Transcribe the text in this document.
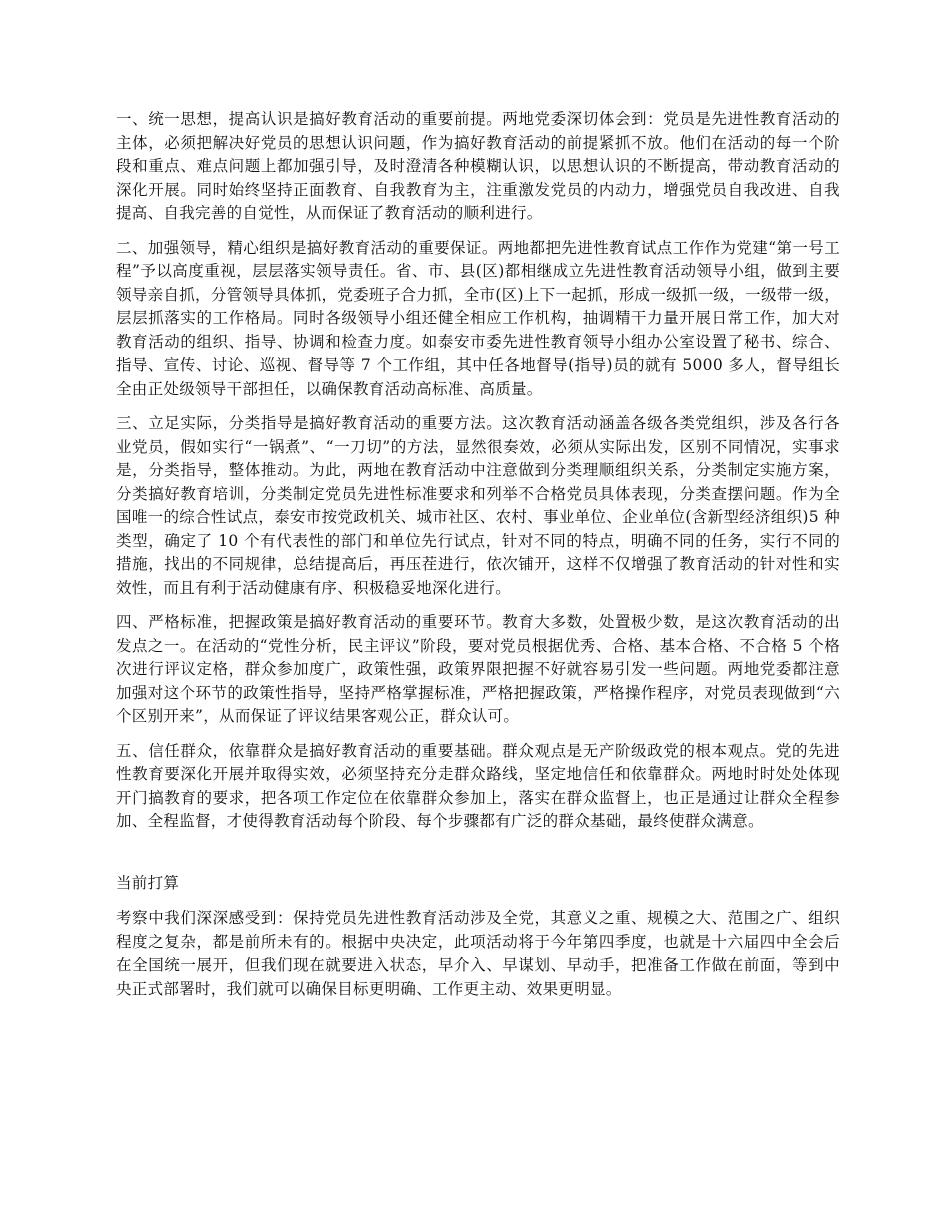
一、统一思想，提高认识是搞好教育活动的重要前提。两地党委深切体会到：党员是先进性教育活动的主体，必须把解决好党员的思想认识问题，作为搞好教育活动的前提紧抓不放。他们在活动的每一个阶段和重点、难点问题上都加强引导，及时澄清各种模糊认识，以思想认识的不断提高，带动教育活动的深化开展。同时始终坚持正面教育、自我教育为主，注重激发党员的内动力，增强党员自我改进、自我提高、自我完善的自觉性，从而保证了教育活动的顺利进行。

二、加强领导，精心组织是搞好教育活动的重要保证。两地都把先进性教育试点工作作为党建“第一号工程”予以高度重视，层层落实领导责任。省、市、县(区)都相继成立先进性教育活动领导小组，做到主要领导亲自抓，分管领导具体抓，党委班子合力抓，全市(区)上下一起抓，形成一级抓一级，一级带一级，层层抓落实的工作格局。同时各级领导小组还健全相应工作机构，抽调精干力量开展日常工作，加大对教育活动的组织、指导、协调和检查力度。如泰安市委先进性教育领导小组办公室设置了秘书、综合、指导、宣传、讨论、巡视、督导等 7 个工作组，其中任各地督导(指导)员的就有 5000 多人，督导组长全由正处级领导干部担任，以确保教育活动高标准、高质量。

三、立足实际，分类指导是搞好教育活动的重要方法。这次教育活动涵盖各级各类党组织，涉及各行各业党员，假如实行“一锅煮”、“一刀切”的方法，显然很奏效，必须从实际出发，区别不同情况，实事求是，分类指导，整体推动。为此，两地在教育活动中注意做到分类理顺组织关系，分类制定实施方案，分类搞好教育培训，分类制定党员先进性标准要求和列举不合格党员具体表现，分类查摆问题。作为全国唯一的综合性试点，泰安市按党政机关、城市社区、农村、事业单位、企业单位(含新型经济组织)5 种类型，确定了 10 个有代表性的部门和单位先行试点，针对不同的特点，明确不同的任务，实行不同的措施，找出的不同规律，总结提高后，再压茬进行，依次铺开，这样不仅增强了教育活动的针对性和实效性，而且有利于活动健康有序、积极稳妥地深化进行。

四、严格标准，把握政策是搞好教育活动的重要环节。教育大多数，处置极少数，是这次教育活动的出发点之一。在活动的“党性分析，民主评议”阶段，要对党员根据优秀、合格、基本合格、不合格 5 个格次进行评议定格，群众参加度广，政策性强，政策界限把握不好就容易引发一些问题。两地党委都注意加强对这个环节的政策性指导，坚持严格掌握标准，严格把握政策，严格操作程序，对党员表现做到“六个区别开来”，从而保证了评议结果客观公正，群众认可。

五、信任群众，依靠群众是搞好教育活动的重要基础。群众观点是无产阶级政党的根本观点。党的先进性教育要深化开展并取得实效，必须坚持充分走群众路线，坚定地信任和依靠群众。两地时时处处体现开门搞教育的要求，把各项工作定位在依靠群众参加上，落实在群众监督上，也正是通过让群众全程参加、全程监督，才使得教育活动每个阶段、每个步骤都有广泛的群众基础，最终使群众满意。

当前打算

考察中我们深深感受到：保持党员先进性教育活动涉及全党，其意义之重、规模之大、范围之广、组织程度之复杂，都是前所未有的。根据中央决定，此项活动将于今年第四季度，也就是十六届四中全会后在全国统一展开，但我们现在就要进入状态，早介入、早谋划、早动手，把准备工作做在前面，等到中央正式部署时，我们就可以确保目标更明确、工作更主动、效果更明显。
